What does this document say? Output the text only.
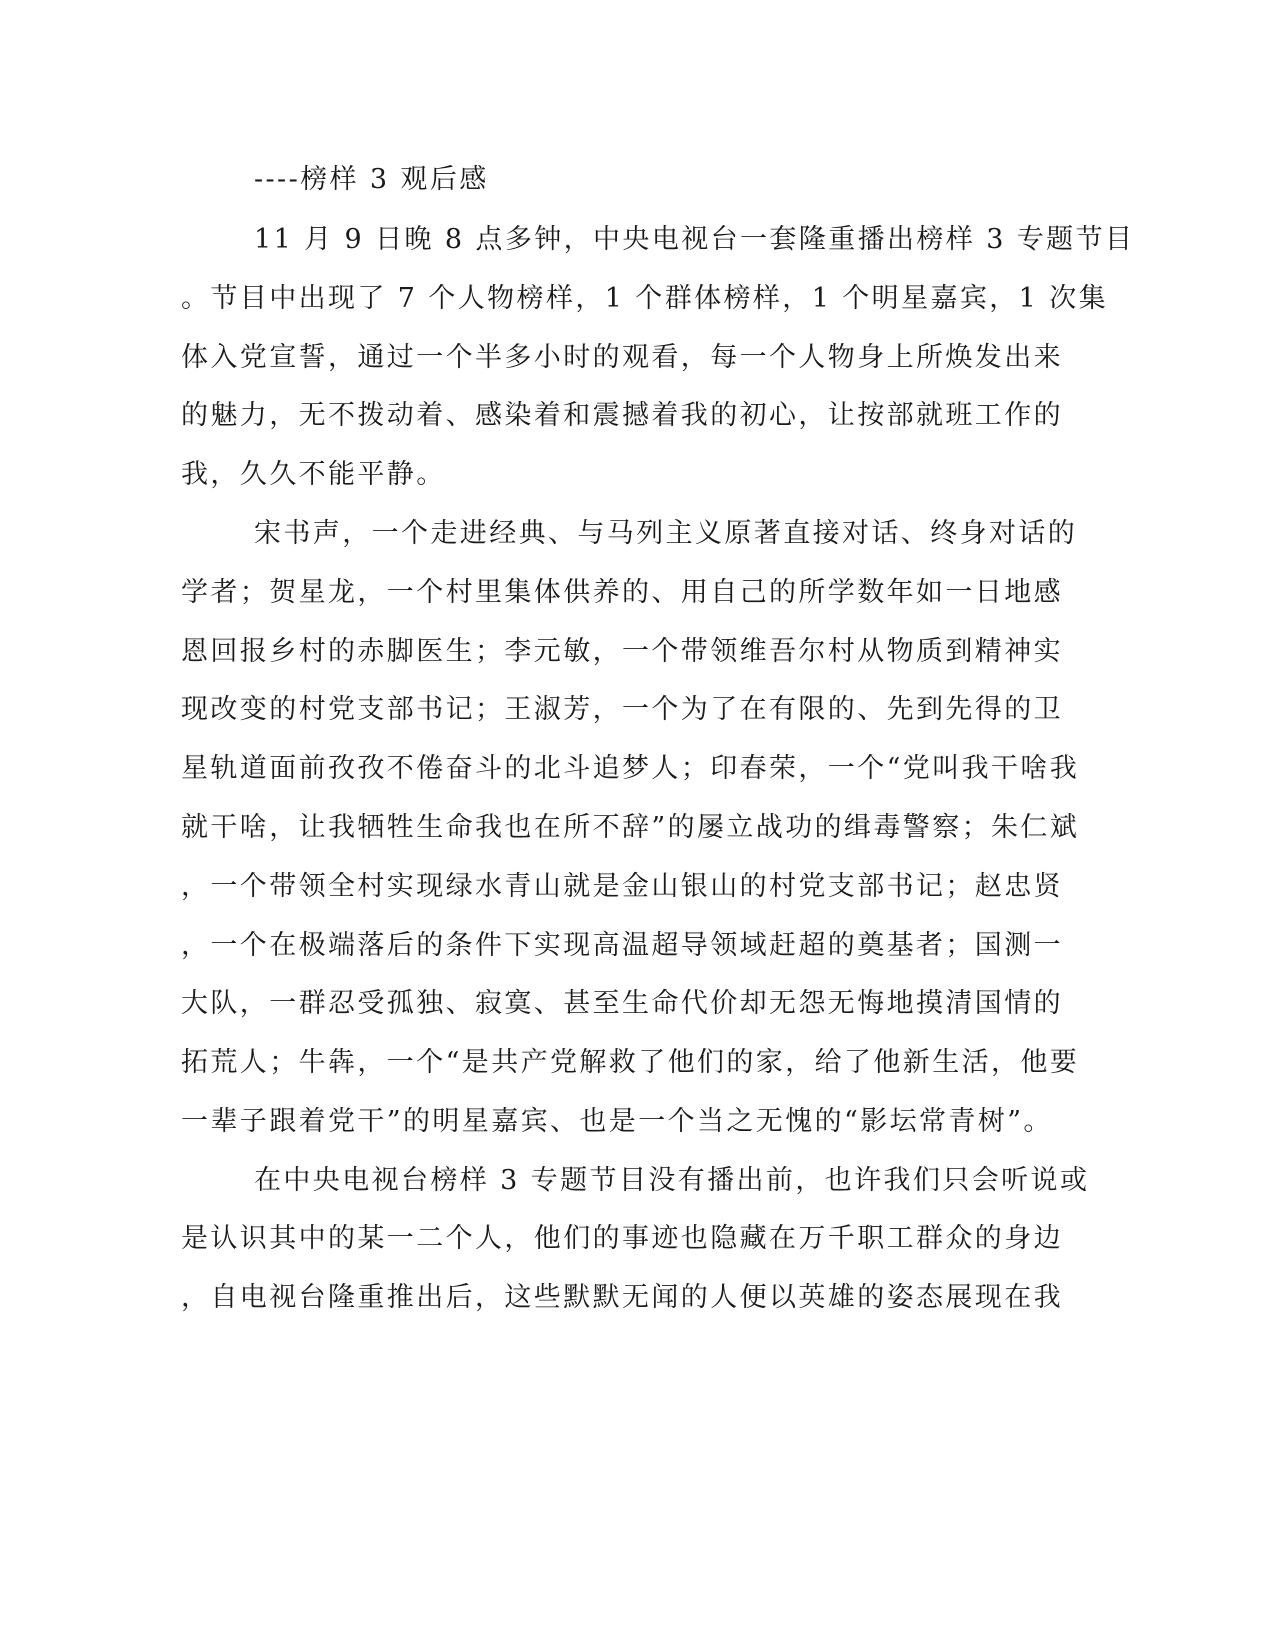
----榜样 3 观后感
11 月 9 日晚 8 点多钟，中央电视台一套隆重播出榜样 3 专题节目
。节目中出现了 7 个人物榜样，1 个群体榜样，1 个明星嘉宾，1 次集
体入党宣誓，通过一个半多小时的观看，每一个人物身上所焕发出来
的魅力，无不拨动着、感染着和震撼着我的初心，让按部就班工作的
我，久久不能平静。
宋书声，一个走进经典、与马列主义原著直接对话、终身对话的
学者；贺星龙，一个村里集体供养的、用自己的所学数年如一日地感
恩回报乡村的赤脚医生；李元敏，一个带领维吾尔村从物质到精神实
现改变的村党支部书记；王淑芳，一个为了在有限的、先到先得的卫
星轨道面前孜孜不倦奋斗的北斗追梦人；印春荣，一个“党叫我干啥我
就干啥，让我牺牲生命我也在所不辞”的屡立战功的缉毒警察；朱仁斌
，一个带领全村实现绿水青山就是金山银山的村党支部书记；赵忠贤
，一个在极端落后的条件下实现高温超导领域赶超的奠基者；国测一
大队，一群忍受孤独、寂寞、甚至生命代价却无怨无悔地摸清国情的
拓荒人；牛犇，一个“是共产党解救了他们的家，给了他新生活，他要
一辈子跟着党干”的明星嘉宾、也是一个当之无愧的“影坛常青树”。
在中央电视台榜样 3 专题节目没有播出前，也许我们只会听说或
是认识其中的某一二个人，他们的事迹也隐藏在万千职工群众的身边
，自电视台隆重推出后，这些默默无闻的人便以英雄的姿态展现在我
